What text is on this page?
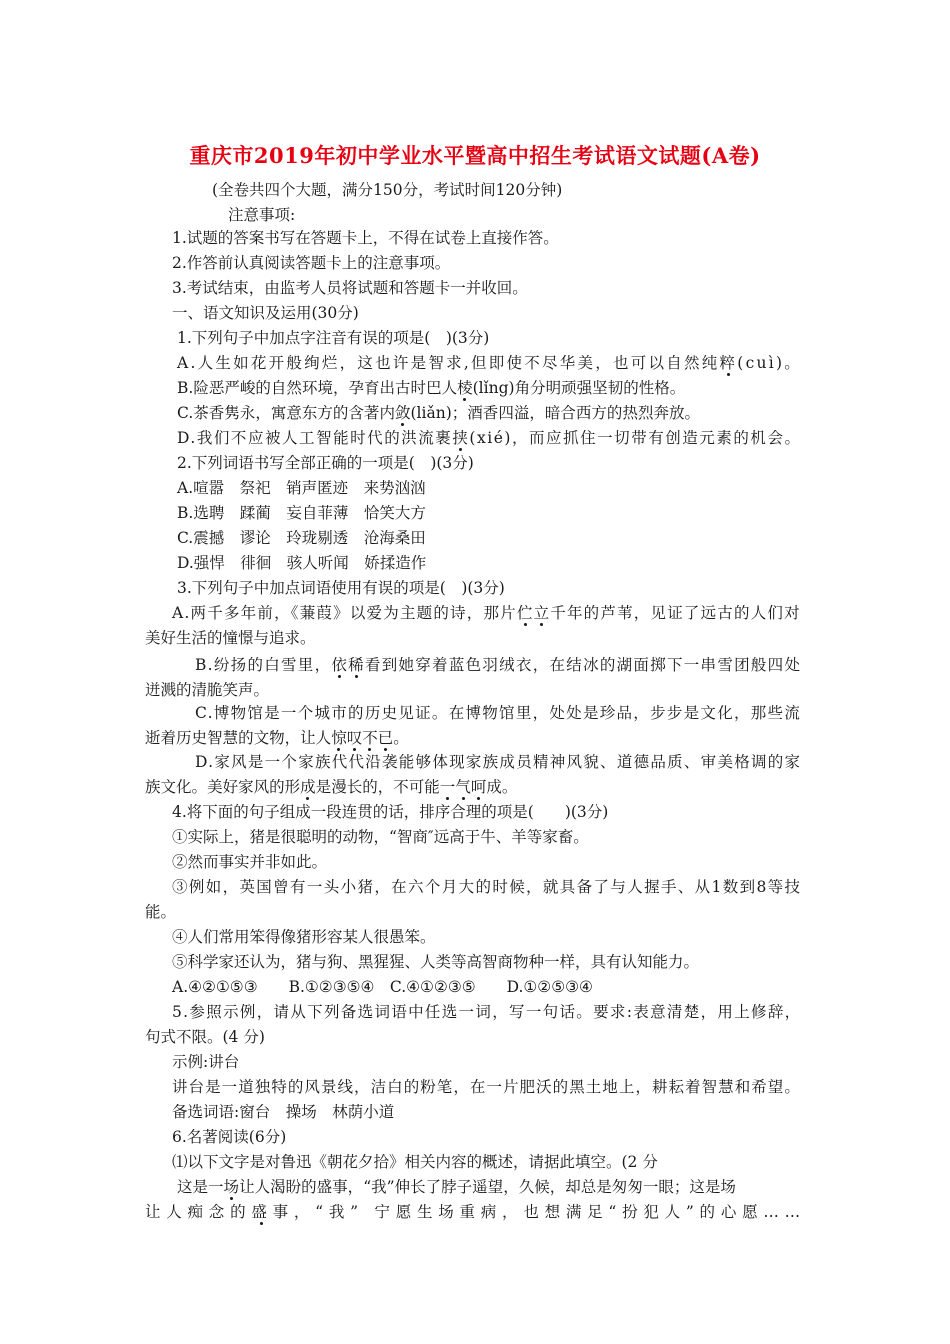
重庆市2019年初中学业水平暨高中招生考试语文试题(A卷)
(全卷共四个大题，满分150分，考试时间120分钟)
注意事项:
1.试题的答案书写在答题卡上，不得在试卷上直接作答。
2.作答前认真阅读答题卡上的注意事项。
3.考试结束，由监考人员将试题和答题卡一并收回。
一、语文知识及运用(30分)
1.下列句子中加点字注音有误的项是(　)(3分)
A.人生如花开般绚烂，这也许是智求,但即使不尽华美，也可以自然纯粹(cuì)。
B.险恶严峻的自然环境，孕育出古时巴人棱(lǐng)角分明顽强坚韧的性格。
C.茶香隽永，寓意东方的含著内敛(liǎn)；酒香四溢，暗合西方的热烈奔放。
D.我们不应被人工智能时代的洪流裹挟(xié)，而应抓住一切带有创造元素的机会。
2.下列词语书写全部正确的一项是(　)(3分)
A.喧嚣　祭祀　销声匿迹　来势汹汹
B.选聘　蹂蔺　妄自菲薄　恰笑大方
C.震撼　谬论　玲珑剔透　沧海桑田
D.强悍　徘徊　骇人听闻　娇揉造作
3.下列句子中加点词语使用有误的项是(　)(3分)
A.两千多年前，《蒹葭》以爱为主题的诗，那片伫立千年的芦苇，见证了远古的人们对
美好生活的憧憬与追求。
B.纷扬的白雪里，依稀看到她穿着蓝色羽绒衣，在结冰的湖面掷下一串雪团般四处
迸溅的清脆笑声。
C.博物馆是一个城市的历史见证。在博物馆里，处处是珍品，步步是文化，那些流
逝着历史智慧的文物，让人惊叹不已。
D.家风是一个家族代代沿袭能够体现家族成员精神风貌、道德品质、审美格调的家
族文化。美好家风的形成是漫长的，不可能一气呵成。
4.将下面的句子组成一段连贯的话，排序合理的项是(　　)(3分)
①实际上，猪是很聪明的动物，“智商″远高于牛、羊等家畜。
②然而事实并非如此。
③例如，英国曾有一头小猪，在六个月大的时候，就具备了与人握手、从1数到8等技
能。
④人们常用笨得像猪形容某人很愚笨。
⑤科学家还认为，猪与狗、黑猩猩、人类等高智商物种一样，具有认知能力。
A.④②①⑤③　　B.①②③⑤④　C.④①②③⑤　　D.①②⑤③④
5.参照示例，请从下列备选词语中任选一词，写一句话。要求:表意清楚，用上修辞，
句式不限。(4 分)
示例:讲台
讲台是一道独特的风景线，洁白的粉笔，在一片肥沃的黑土地上，耕耘着智慧和希望。
备选词语:窗台　操场　林荫小道
6.名著阅读(6分)
⑴以下文字是对鲁迅《朝花夕拾》相关内容的概述，请据此填空。(2 分
这是一场让人渴盼的盛事，“我”伸长了脖子遥望，久候，却总是匆匆一眼；这是场
让人痴念的盛事，“我” 宁愿生场重病，也想满足“扮犯人”的心愿……
